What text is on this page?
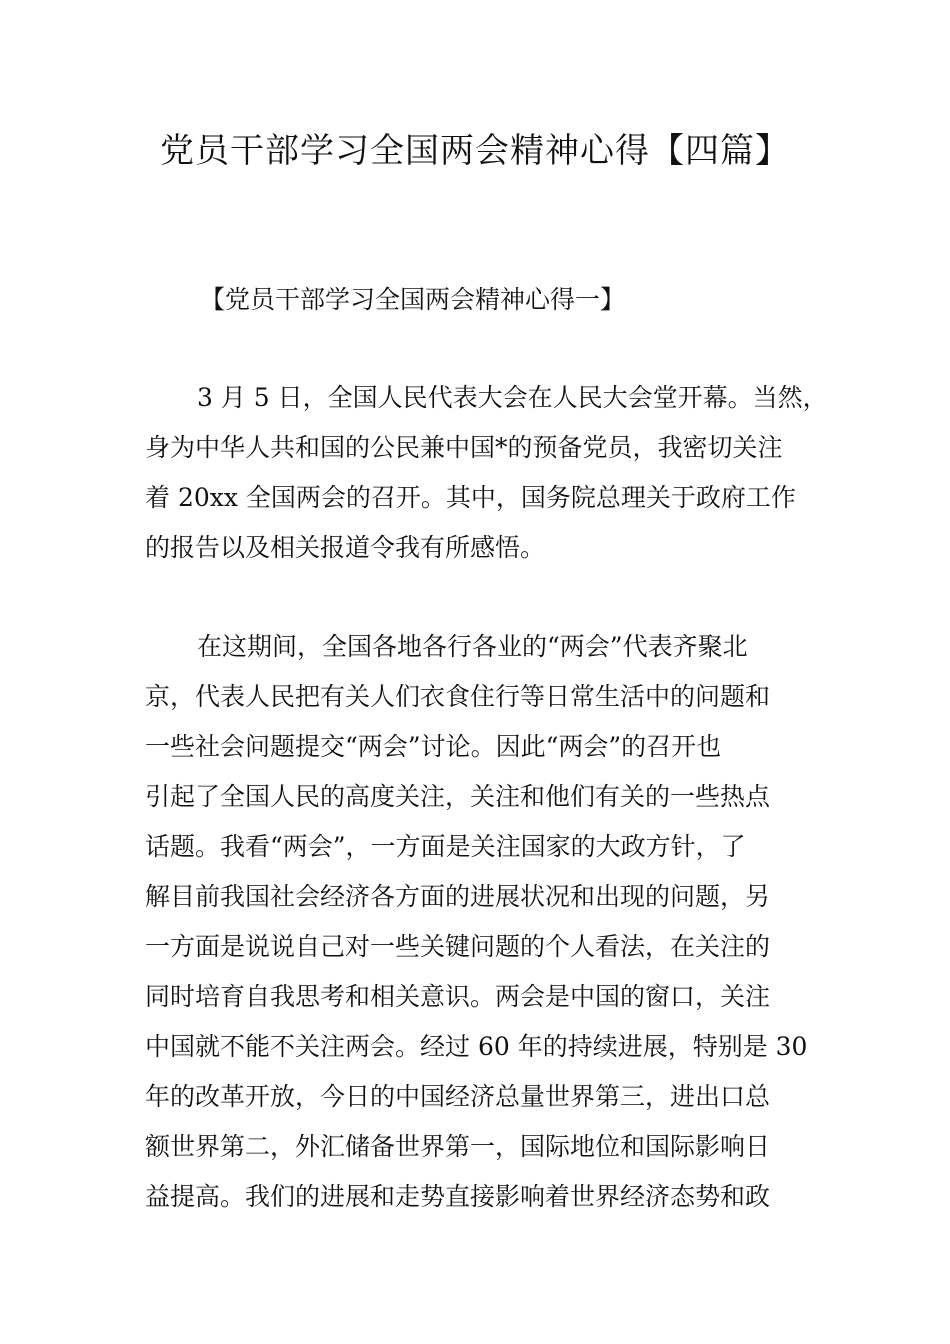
党员干部学习全国两会精神心得【四篇】
【党员干部学习全国两会精神心得一】
3 月 5 日，全国人民代表大会在人民大会堂开幕。当然，
身为中华人共和国的公民兼中国*的预备党员，我密切关注
着 20xx 全国两会的召开。其中，国务院总理关于政府工作
的报告以及相关报道令我有所感悟。
在这期间，全国各地各行各业的“两会”代表齐聚北
京，代表人民把有关人们衣食住行等日常生活中的问题和
一些社会问题提交“两会”讨论。因此“两会”的召开也
引起了全国人民的高度关注，关注和他们有关的一些热点
话题。我看“两会”，一方面是关注国家的大政方针，了
解目前我国社会经济各方面的进展状况和出现的问题，另
一方面是说说自己对一些关键问题的个人看法，在关注的
同时培育自我思考和相关意识。两会是中国的窗口，关注
中国就不能不关注两会。经过 60 年的持续进展，特别是 30
年的改革开放，今日的中国经济总量世界第三，进出口总
额世界第二，外汇储备世界第一，国际地位和国际影响日
益提高。我们的进展和走势直接影响着世界经济态势和政
